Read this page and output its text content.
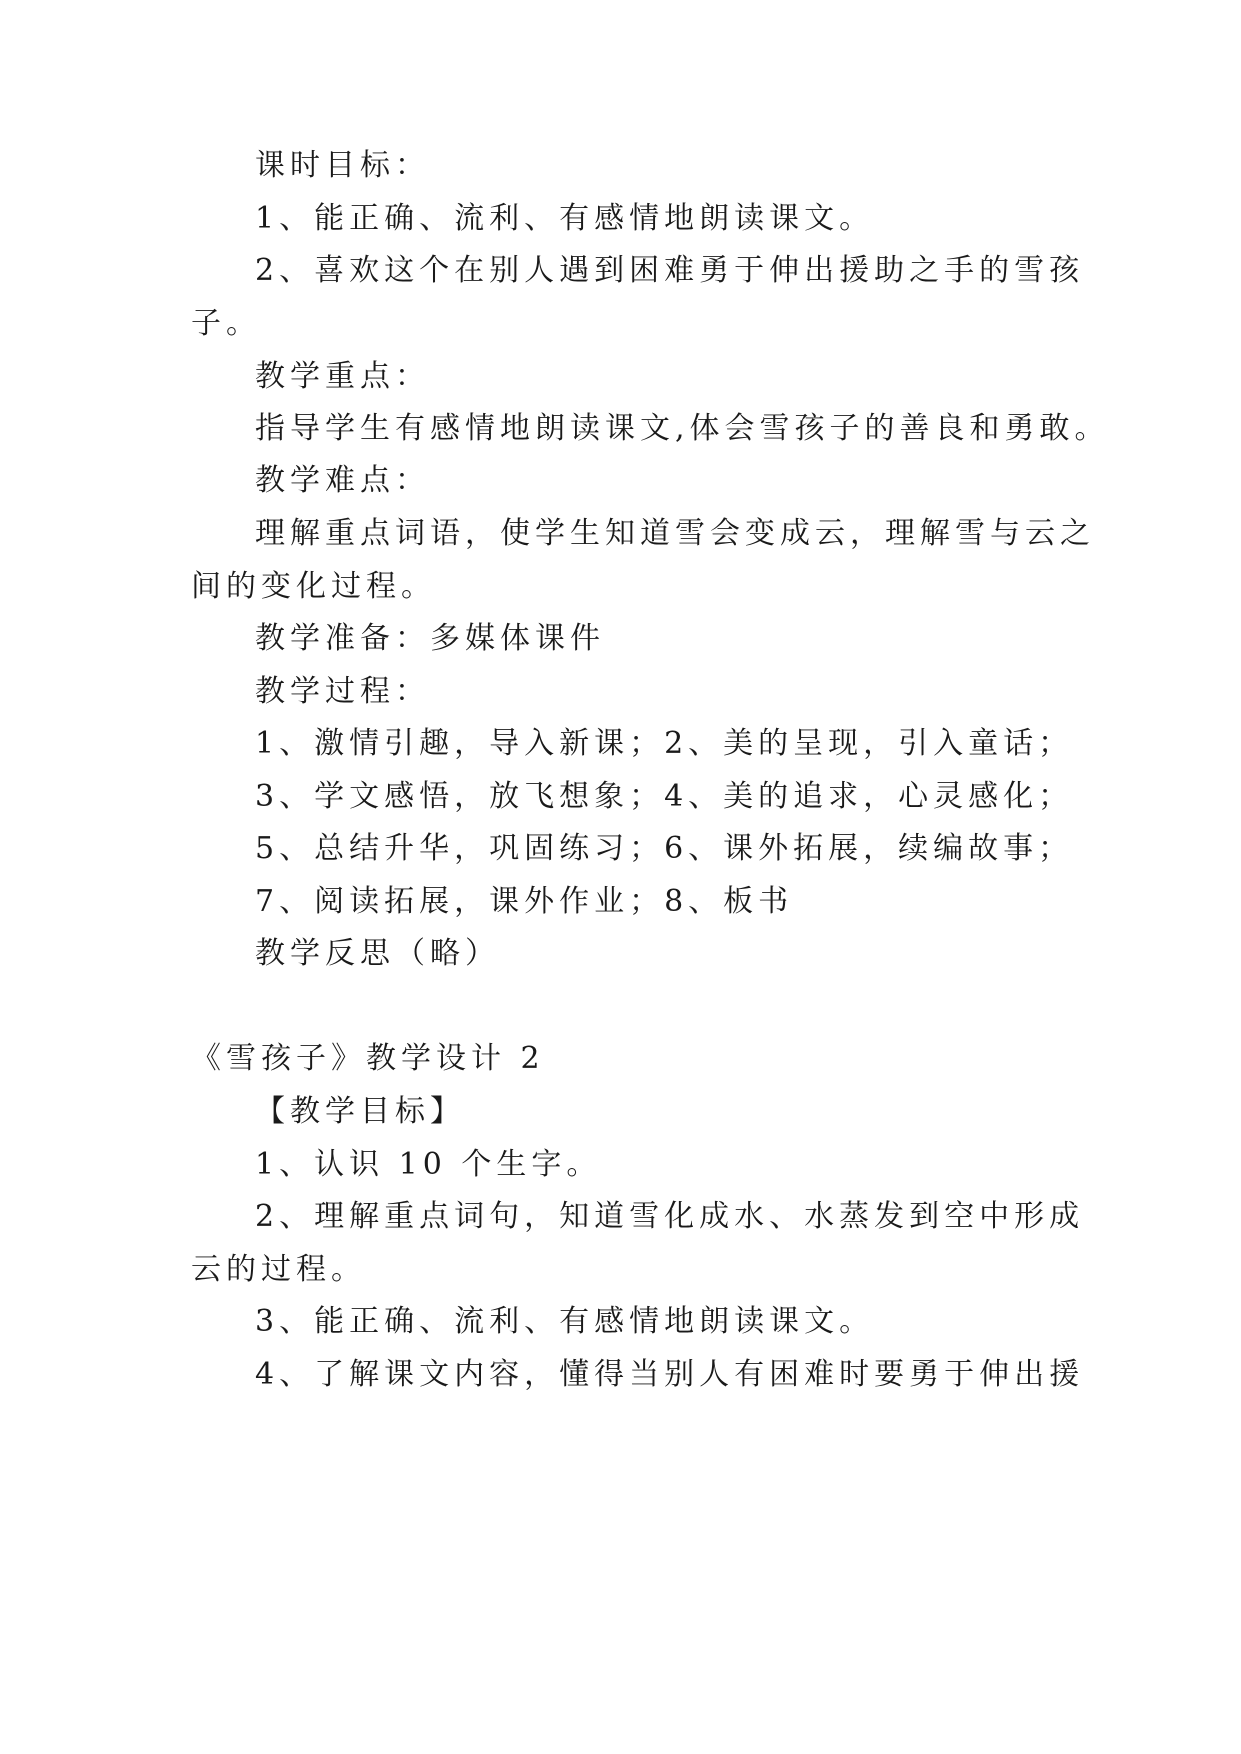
课时目标：
1、能正确、流利、有感情地朗读课文。
2、喜欢这个在别人遇到困难勇于伸出援助之手的雪孩
子。
教学重点：
指导学生有感情地朗读课文,体会雪孩子的善良和勇敢。
教学难点：
理解重点词语，使学生知道雪会变成云，理解雪与云之
间的变化过程。
教学准备：多媒体课件
教学过程：
1、激情引趣，导入新课；2、美的呈现，引入童话；
3、学文感悟，放飞想象；4、美的追求，心灵感化；
5、总结升华，巩固练习；6、课外拓展，续编故事；
7、阅读拓展，课外作业；8、板书
教学反思（略）
《雪孩子》教学设计 2
【教学目标】
1、认识 10 个生字。
2、理解重点词句，知道雪化成水、水蒸发到空中形成
云的过程。
3、能正确、流利、有感情地朗读课文。
4、了解课文内容，懂得当别人有困难时要勇于伸出援
